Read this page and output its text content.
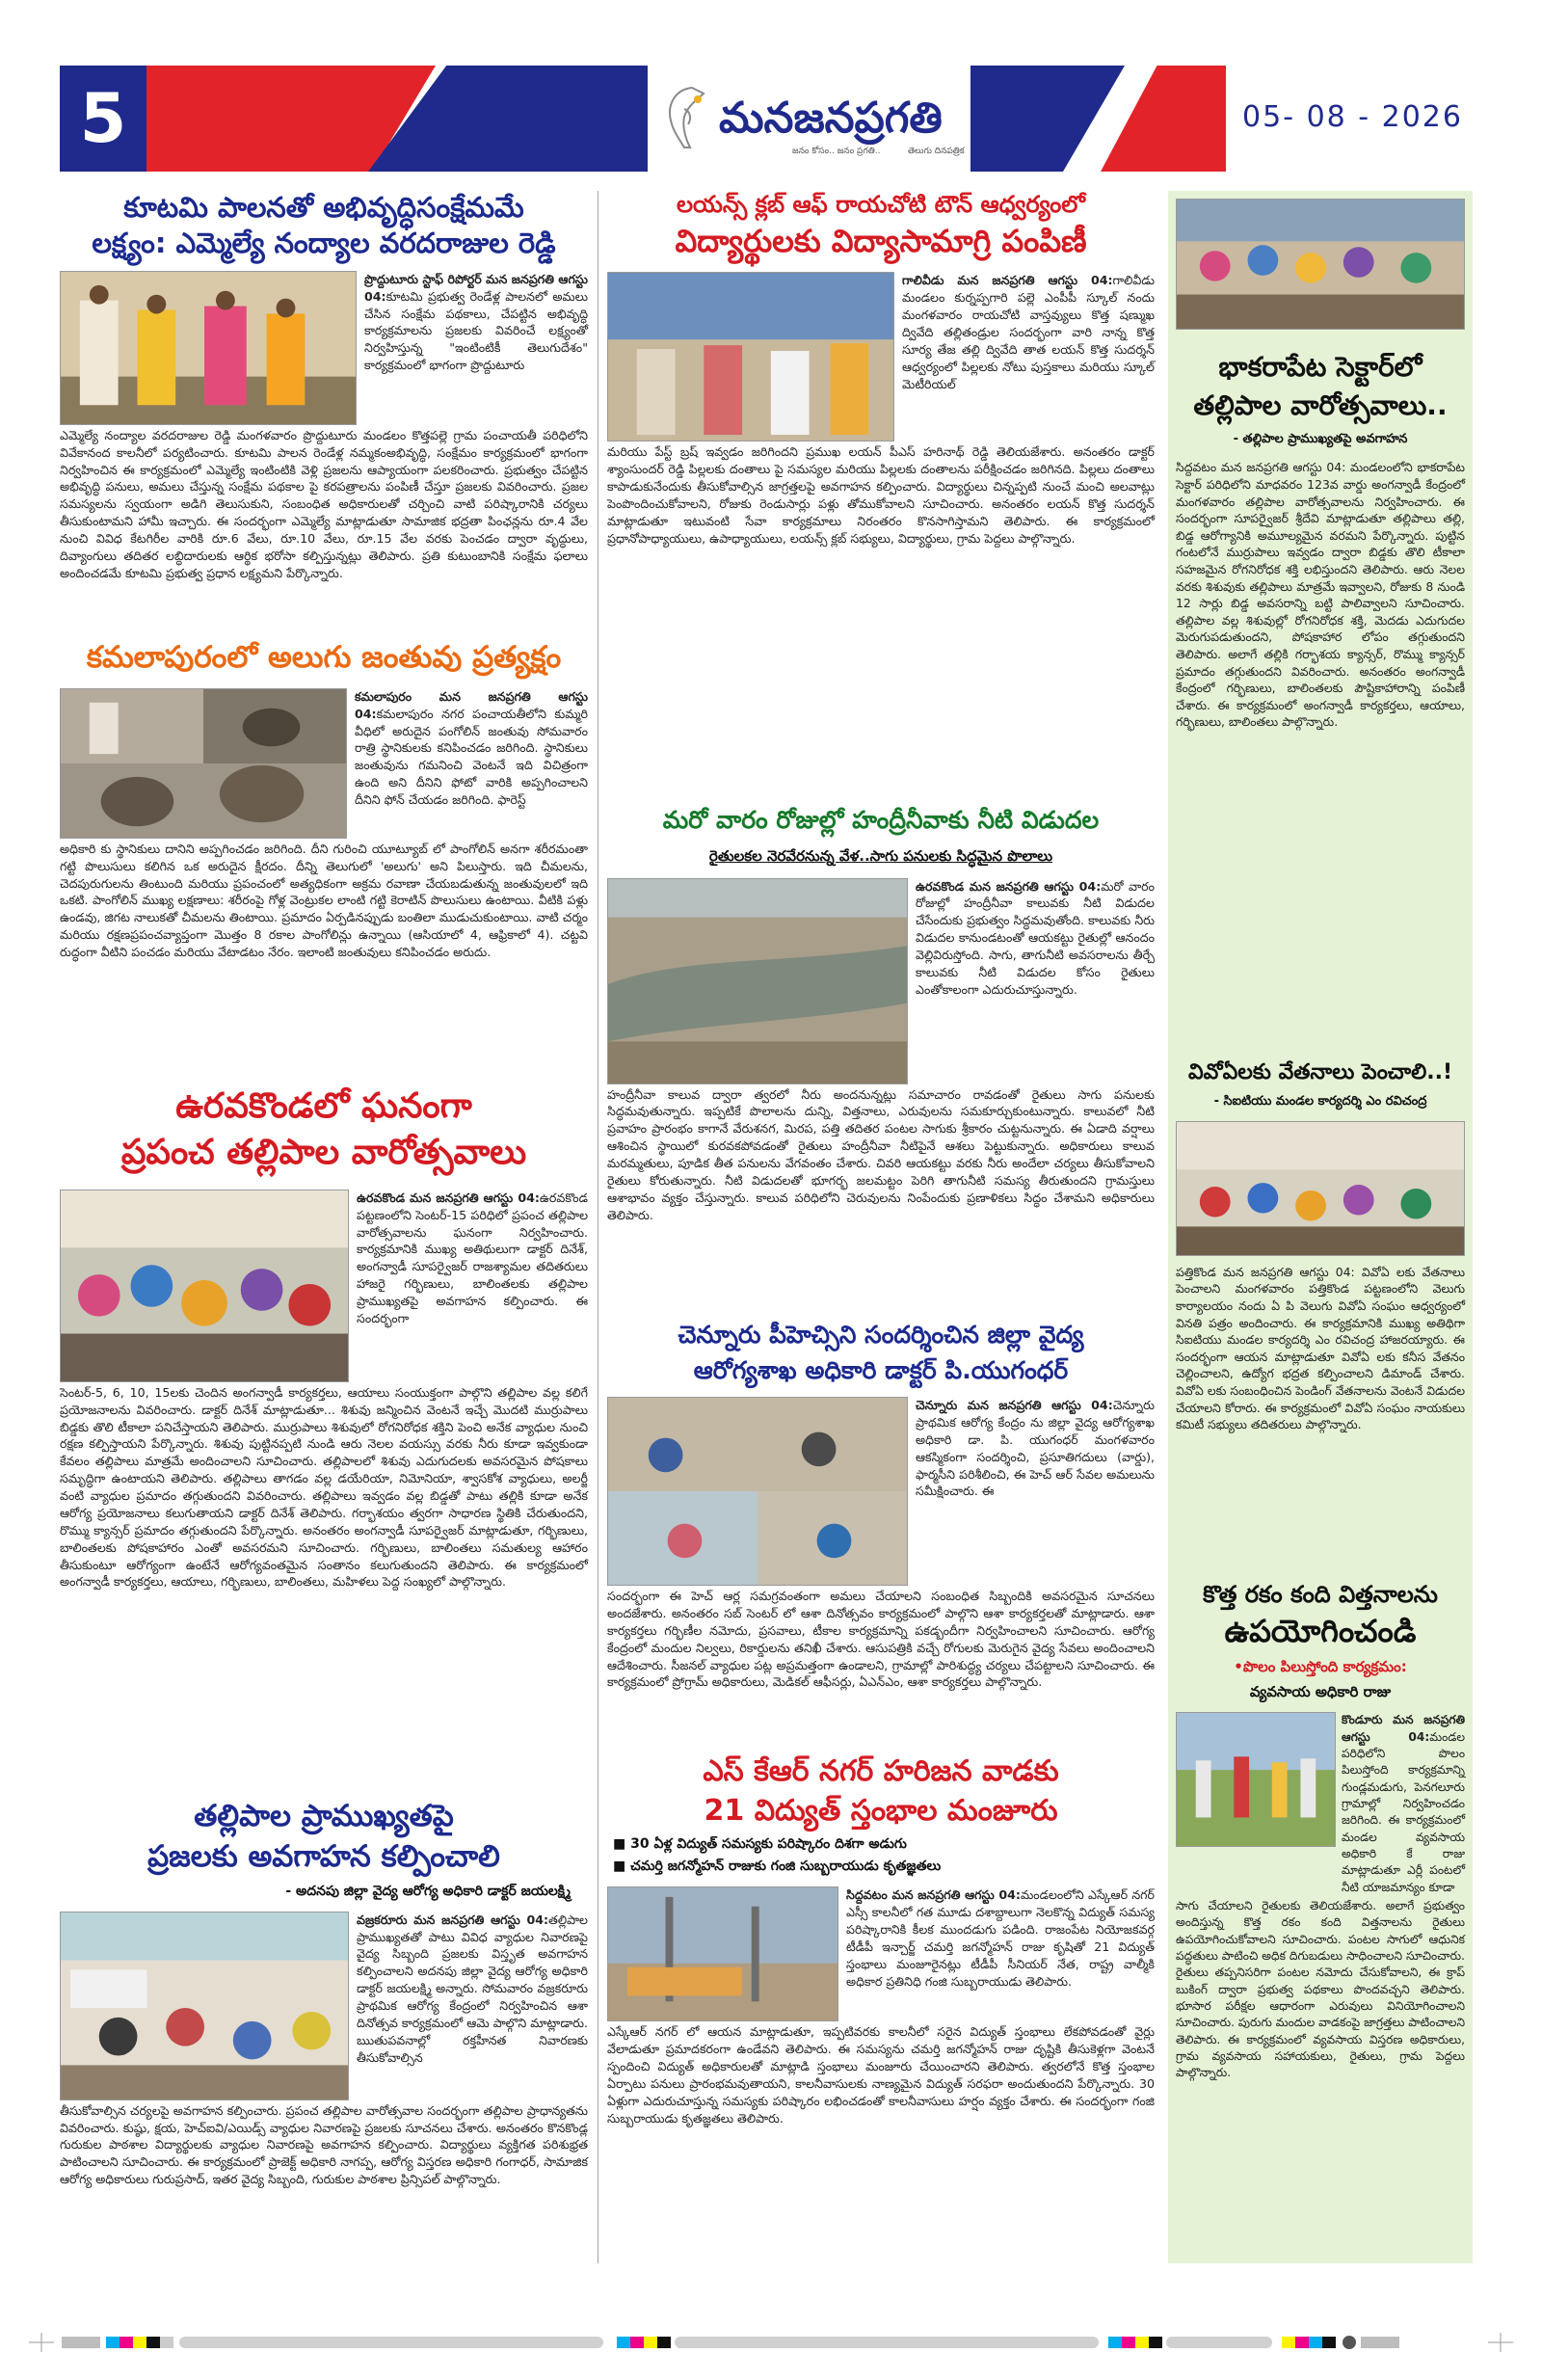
5	మనజనప్రగతి
జనం కోసం.. జనం ప్రగతి..	తెలుగు దినపత్రిక
05- 08 - 2026
కూటమి పాలనతో అభివృద్ధిసంక్షేమమే
లక్ష్యం: ఎమ్మెల్యే నంద్యాల వరదరాజుల రెడ్డి
ప్రొద్దుటూరు స్టాఫ్ రిపోర్టర్ మన జనప్రగతి ఆగస్టు 04:కూటమి ప్రభుత్వ రెండేళ్ల పాలనలో అమలు చేసిన సంక్షేమ పథకాలు, చేపట్టిన అభివృద్ధి కార్యక్రమాలను ప్రజలకు వివరించే లక్ష్యంతో నిర్వహిస్తున్న "ఇంటింటికీ తెలుగుదేశం" కార్యక్రమంలో భాగంగా ప్రొద్దుటూరు
ఎమ్మెల్యే నంద్యాల వరదరాజుల రెడ్డి మంగళవారం ప్రొద్దుటూరు మండలం కొత్తపల్లె గ్రామ పంచాయతీ పరిధిలోని వివేకానంద కాలనీలో పర్యటించారు. కూటమి పాలన రెండేళ్ల నమ్మకంఅభివృద్ధి, సంక్షేమం కార్యక్రమంలో భాగంగా నిర్వహించిన ఈ కార్యక్రమంలో ఎమ్మెల్యే ఇంటింటికి వెళ్లి ప్రజలను ఆప్యాయంగా పలకరించారు. ప్రభుత్వం చేపట్టిన అభివృద్ధి పనులు, అమలు చేస్తున్న సంక్షేమ పథకాల పై కరపత్రాలను పంపిణీ చేస్తూ ప్రజలకు వివరించారు. ప్రజల సమస్యలను స్వయంగా అడిగి తెలుసుకుని, సంబంధిత అధికారులతో చర్చించి వాటి పరిష్కారానికి చర్యలు తీసుకుంటామని హామీ ఇచ్చారు. ఈ సందర్భంగా ఎమ్మెల్యే మాట్లాడుతూ సామాజిక భద్రతా పింఛన్లను రూ.4 వేల నుంచి వివిధ కేటగిరీల వారికి రూ.6 వేలు, రూ.10 వేలు, రూ.15 వేల వరకు పెంచడం ద్వారా వృద్ధులు, దివ్యాంగులు తదితర లబ్ధిదారులకు ఆర్థిక భరోసా కల్పిస్తున్నట్లు తెలిపారు. ప్రతి కుటుంబానికి సంక్షేమ ఫలాలు అందించడమే కూటమి ప్రభుత్వ ప్రధాన లక్ష్యమని పేర్కొన్నారు.
కమలాపురంలో అలుగు జంతువు ప్రత్యక్షం
కమలాపురం మన జనప్రగతి ఆగస్టు 04:కమలాపురం నగర పంచాయతీలోని కుమ్మరి వీధిలో అరుదైన పంగోలిన్ జంతువు సోమవారం రాత్రి స్థానికులకు కనిపించడం జరిగింది. స్థానికులు జంతువును గమనించి వెంటనే ఇది విచిత్రంగా ఉంది అని దీనిని ఫోటో వారికి అప్పగించాలని దీనిని ఫోన్ చేయడం జరిగింది. ఫారెస్ట్
అధికారి కు స్థానికులు దానిని అప్పగించడం జరిగింది. దీని గురించి యూట్యూబ్ లో పాంగోలిన్ అనగా శరీరమంతా గట్టి పొలుసులు కలిగిన ఒక అరుదైన క్షీరదం. దీన్ని తెలుగులో 'అలుగు' అని పిలుస్తారు. ఇది చీమలను, చెదపురుగులను తింటుంది మరియు ప్రపంచంలో అత్యధికంగా అక్రమ రవాణా చేయబడుతున్న జంతువులలో ఇది ఒకటి. పాంగోలిన్ ముఖ్య లక్షణాలు: శరీరంపై గోళ్ల వెంట్రుకల లాంటి గట్టి కెరాటిన్ పొలుసులు ఉంటాయి. వీటికి పళ్లు ఉండవు, జిగట నాలుకతో చీమలను తింటాయి. ప్రమాదం ఏర్పడినప్పుడు బంతిలా ముడుచుకుంటాయి. వాటి చర్మం మరియు రక్షణప్రపంచవ్యాప్తంగా మొత్తం 8 రకాల పాంగోలిన్లు ఉన్నాయి (ఆసియాలో 4, ఆఫ్రికాలో 4). చట్టవి రుద్ధంగా వీటిని పంచడం మరియు వేటాడటం నేరం. ఇలాంటి జంతువులు కనిపించడం అరుదు.
ఉరవకొండలో ఘనంగా
ప్రపంచ తల్లిపాల వారోత్సవాలు
ఉరవకొండ మన జనప్రగతి ఆగస్టు 04:ఉరవకొండ పట్టణంలోని సెంటర్-15 పరిధిలో ప్రపంచ తల్లిపాల వారోత్సవాలను ఘనంగా నిర్వహించారు. కార్యక్రమానికి ముఖ్య అతిథులుగా డాక్టర్ దినేశ్, అంగన్వాడీ సూపర్వైజర్ రాజశ్యామల తదితరులు హాజరై గర్భిణులు, బాలింతలకు తల్లిపాల ప్రాముఖ్యతపై అవగాహన కల్పించారు. ఈ సందర్భంగా
సెంటర్-5, 6, 10, 15లకు చెందిన అంగన్వాడీ కార్యకర్తలు, ఆయాలు సంయుక్తంగా పాల్గొని తల్లిపాల వల్ల కలిగే ప్రయోజనాలను వివరించారు. డాక్టర్ దినేశ్ మాట్లాడుతూ... శిశువు జన్మించిన వెంటనే ఇచ్చే మొదటి ముర్రుపాలు బిడ్డకు తొలి టీకాలా పనిచేస్తాయని తెలిపారు. ముర్రుపాలు శిశువులో రోగనిరోధక శక్తిని పెంచి అనేక వ్యాధుల నుంచి రక్షణ కల్పిస్తాయని పేర్కొన్నారు. శిశువు పుట్టినప్పటి నుండి ఆరు నెలల వయస్సు వరకు నీరు కూడా ఇవ్వకుండా కేవలం తల్లిపాలు మాత్రమే అందించాలని సూచించారు. తల్లిపాలలో శిశువు ఎదుగుదలకు అవసరమైన పోషకాలు సమృద్ధిగా ఉంటాయని తెలిపారు. తల్లిపాలు తాగడం వల్ల డయేరియా, నిమోనియా, శ్వాసకోశ వ్యాధులు, అలర్జీ వంటి వ్యాధుల ప్రమాదం తగ్గుతుందని వివరించారు. తల్లిపాలు ఇవ్వడం వల్ల బిడ్డతో పాటు తల్లికి కూడా అనేక ఆరోగ్య ప్రయోజనాలు కలుగుతాయని డాక్టర్ దినేశ్ తెలిపారు. గర్భాశయం త్వరగా సాధారణ స్థితికి చేరుతుందని, రొమ్ము క్యాన్సర్ ప్రమాదం తగ్గుతుందని పేర్కొన్నారు. అనంతరం అంగన్వాడీ సూపర్వైజర్ మాట్లాడుతూ, గర్భిణులు, బాలింతలకు పోషకాహారం ఎంతో అవసరమని సూచించారు. గర్భిణులు, బాలింతలు సమతుల్య ఆహారం తీసుకుంటూ ఆరోగ్యంగా ఉంటేనే ఆరోగ్యవంతమైన సంతానం కలుగుతుందని తెలిపారు. ఈ కార్యక్రమంలో అంగన్వాడీ కార్యకర్తలు, ఆయాలు, గర్భిణులు, బాలింతలు, మహిళలు పెద్ద సంఖ్యలో పాల్గొన్నారు.
తల్లిపాల ప్రాముఖ్యతపై
ప్రజలకు అవగాహన కల్పించాలి
- అదనపు జిల్లా వైద్య ఆరోగ్య అధికారి డాక్టర్ జయలక్ష్మి
వజ్రకరూరు మన జనప్రగతి ఆగస్టు 04:తల్లిపాల ప్రాముఖ్యతతో పాటు వివిధ వ్యాధుల నివారణపై వైద్య సిబ్బంది ప్రజలకు విస్తృత అవగాహన కల్పించాలని అదనపు జిల్లా వైద్య ఆరోగ్య అధికారి డాక్టర్ జయలక్ష్మి అన్నారు. సోమవారం వజ్రకరూరు ప్రాథమిక ఆరోగ్య కేంద్రంలో నిర్వహించిన ఆశా దినోత్సవ కార్యక్రమంలో ఆమె పాల్గొని మాట్లాడారు. ఋతుపవనాల్లో రక్తహీనత నివారణకు తీసుకోవాల్సిన
తీసుకోవాల్సిన చర్యలపై అవగాహన కల్పించారు. ప్రపంచ తల్లిపాల వారోత్సవాల సందర్భంగా తల్లిపాల ప్రాధాన్యతను వివరించారు. కుష్ఠు, క్షయ, హెచ్ఐవి/ఎయిడ్స్ వ్యాధుల నివారణపై ప్రజలకు సూచనలు చేశారు. అనంతరం కొనకొండ్ల గురుకుల పాఠశాల విద్యార్థులకు వ్యాధుల నివారణపై అవగాహన కల్పించారు. విద్యార్థులు వ్యక్తిగత పరిశుభ్రత పాటించాలని సూచించారు. ఈ కార్యక్రమంలో ప్రాజెక్ట్ అధికారి నాగప్ప, ఆరోగ్య విస్తరణ అధికారి గంగాధర్, సామాజిక ఆరోగ్య అధికారులు గురుప్రసాద్, ఇతర వైద్య సిబ్బంది, గురుకుల పాఠశాల ప్రిన్సిపల్ పాల్గొన్నారు.
లయన్స్ క్లబ్ ఆఫ్ రాయచోటి టౌన్ ఆధ్వర్యంలో
విద్యార్థులకు విద్యాసామాగ్రి పంపిణీ
గాలివీడు మన జనప్రగతి ఆగస్టు 04:గాలివీడు మండలం కుర్నప్పగారి పల్లె ఎంపీపీ స్కూల్ నందు మంగళవారం రాయచోటి వాస్తవ్యులు కొత్త షణ్ముఖ ద్వివేది తల్లితండ్రుల సందర్భంగా వారి నాన్న కొత్త సూర్య తేజ తల్లి ద్వివేది తాత లయన్ కొత్త సుదర్శన్ ఆధ్వర్యంలో పిల్లలకు నోటు పుస్తకాలు మరియు స్కూల్ మెటీరియల్
మరియు పేస్ట్ బ్రష్ ఇవ్వడం జరిగిందని ప్రముఖ లయన్ పీఎస్ హరినాథ్ రెడ్డి తెలియజేశారు. అనంతరం డాక్టర్ శ్యాంసుందర్ రెడ్డి పిల్లలకు దంతాలు పై సమస్యల మరియు పిల్లలకు దంతాలను పరీక్షించడం జరిగినది. పిల్లలు దంతాలు కాపాడుకునేందుకు తీసుకోవాల్సిన జాగ్రత్తలపై అవగాహన కల్పించారు. విద్యార్థులు చిన్నప్పటి నుంచే మంచి అలవాట్లు పెంపొందించుకోవాలని, రోజుకు రెండుసార్లు పళ్లు తోముకోవాలని సూచించారు. అనంతరం లయన్ కొత్త సుదర్శన్ మాట్లాడుతూ ఇటువంటి సేవా కార్యక్రమాలు నిరంతరం కొనసాగిస్తామని తెలిపారు. ఈ కార్యక్రమంలో ప్రధానోపాధ్యాయులు, ఉపాధ్యాయులు, లయన్స్ క్లబ్ సభ్యులు, విద్యార్థులు, గ్రామ పెద్దలు పాల్గొన్నారు.
మరో వారం రోజుల్లో హంద్రీనీవాకు నీటి విడుదల
రైతులకల నెరవేరనున్న వేళ..సాగు పనులకు సిద్ధమైన పొలాలు
ఉరవకొండ మన జనప్రగతి ఆగస్టు 04:మరో వారం రోజుల్లో హంద్రీనీవా కాలువకు నీటి విడుదల చేసేందుకు ప్రభుత్వం సిద్ధమవుతోంది. కాలువకు నీరు విడుదల కానుండటంతో ఆయకట్టు రైతుల్లో ఆనందం వెల్లివిరుస్తోంది. సాగు, తాగునీటి అవసరాలను తీర్చే కాలువకు నీటి విడుదల కోసం రైతులు ఎంతోకాలంగా ఎదురుచూస్తున్నారు.
హంద్రీనీవా కాలువ ద్వారా త్వరలో నీరు అందనున్నట్లు సమాచారం రావడంతో రైతులు సాగు పనులకు సిద్ధమవుతున్నారు. ఇప్పటికే పొలాలను దున్ని, విత్తనాలు, ఎరువులను సమకూర్చుకుంటున్నారు. కాలువలో నీటి ప్రవాహం ప్రారంభం కాగానే వేరుశనగ, మిరప, పత్తి తదితర పంటల సాగుకు శ్రీకారం చుట్టనున్నారు. ఈ ఏడాది వర్షాలు ఆశించిన స్థాయిలో కురవకపోవడంతో రైతులు హంద్రీనీవా నీటిపైనే ఆశలు పెట్టుకున్నారు. అధికారులు కాలువ మరమ్మతులు, పూడిక తీత పనులను వేగవంతం చేశారు. చివరి ఆయకట్టు వరకు నీరు అందేలా చర్యలు తీసుకోవాలని రైతులు కోరుతున్నారు. నీటి విడుదలతో భూగర్భ జలమట్టం పెరిగి తాగునీటి సమస్య తీరుతుందని గ్రామస్తులు ఆశాభావం వ్యక్తం చేస్తున్నారు. కాలువ పరిధిలోని చెరువులను నింపేందుకు ప్రణాళికలు సిద్ధం చేశామని అధికారులు తెలిపారు.
చెన్నూరు పీహెచ్సిని సందర్శించిన జిల్లా వైద్య
ఆరోగ్యశాఖ అధికారి డాక్టర్ పి.యుగంధర్
చెన్నూరు మన జనప్రగతి ఆగస్టు 04:చెన్నూరు ప్రాథమిక ఆరోగ్య కేంద్రం ను జిల్లా వైద్య ఆరోగ్యశాఖ అధికారి డా. పి. యుగంధర్ మంగళవారం ఆకస్మికంగా సందర్శించి, ప్రసూతిగదులు (వార్డు), ఫార్మసీని పరిశీలించి, ఈ హెచ్ ఆర్ సేవల అమలును సమీక్షించారు. ఈ
సందర్భంగా ఈ హెచ్ ఆర్ల సమగ్రవంతంగా అమలు చేయాలని సంబంధిత సిబ్బందికి అవసరమైన సూచనలు అందజేశారు. అనంతరం సబ్ సెంటర్ లో ఆశా దినోత్సవం కార్యక్రమంలో పాల్గొని ఆశా కార్యకర్తలతో మాట్లాడారు. ఆశా కార్యకర్తలు గర్భిణీల నమోదు, ప్రసవాలు, టీకాల కార్యక్రమాన్ని పకడ్బందీగా నిర్వహించాలని సూచించారు. ఆరోగ్య కేంద్రంలో మందుల నిల్వలు, రికార్డులను తనిఖీ చేశారు. ఆసుపత్రికి వచ్చే రోగులకు మెరుగైన వైద్య సేవలు అందించాలని ఆదేశించారు. సీజనల్ వ్యాధుల పట్ల అప్రమత్తంగా ఉండాలని, గ్రామాల్లో పారిశుద్ధ్య చర్యలు చేపట్టాలని సూచించారు. ఈ కార్యక్రమంలో ప్రోగ్రామ్ అధికారులు, మెడికల్ ఆఫీసర్లు, ఏఎన్ఎం, ఆశా కార్యకర్తలు పాల్గొన్నారు.
ఎస్ కేఆర్ నగర్ హరిజన వాడకు
21 విద్యుత్ స్తంభాల మంజూరు
■ 30 ఏళ్ల విద్యుత్ సమస్యకు పరిష్కారం దిశగా అడుగు
■ చమర్తి జగన్మోహన్ రాజుకు గంజి సుబ్బరాయుడు కృతజ్ఞతలు
సిద్దవటం మన జనప్రగతి ఆగస్టు 04:మండలంలోని ఎస్కేఆర్ నగర్ ఎస్సీ కాలనీలో గత మూడు దశాబ్దాలుగా నెలకొన్న విద్యుత్ సమస్య పరిష్కారానికి కీలక ముందడుగు పడింది. రాజంపేట నియోజకవర్గ టీడీపీ ఇన్చార్జ్ చమర్తి జగన్మోహన్ రాజు కృషితో 21 విద్యుత్ స్తంభాలు మంజూరైనట్లు టీడీపీ సీనియర్ నేత, రాష్ట్ర వాల్మీకి అధికార ప్రతినిధి గంజి సుబ్బరాయుడు తెలిపారు.
ఎస్కేఆర్ నగర్ లో ఆయన మాట్లాడుతూ, ఇప్పటివరకు కాలనీలో సరైన విద్యుత్ స్తంభాలు లేకపోవడంతో వైర్లు వేలాడుతూ ప్రమాదకరంగా ఉండేవని తెలిపారు. ఈ సమస్యను చమర్తి జగన్మోహన్ రాజు దృష్టికి తీసుకెళ్లగా వెంటనే స్పందించి విద్యుత్ అధికారులతో మాట్లాడి స్తంభాలు మంజూరు చేయించారని తెలిపారు. త్వరలోనే కొత్త స్తంభాల ఏర్పాటు పనులు ప్రారంభమవుతాయని, కాలనీవాసులకు నాణ్యమైన విద్యుత్ సరఫరా అందుతుందని పేర్కొన్నారు. 30 ఏళ్లుగా ఎదురుచూస్తున్న సమస్యకు పరిష్కారం లభించడంతో కాలనీవాసులు హర్షం వ్యక్తం చేశారు. ఈ సందర్భంగా గంజి సుబ్బరాయుడు కృతజ్ఞతలు తెలిపారు.
భాకరాపేట సెక్టార్‌లో
తల్లిపాల వారోత్సవాలు..
- తల్లిపాల ప్రాముఖ్యతపై అవగాహన
సిద్దవటం మన జనప్రగతి ఆగస్టు 04: మండలంలోని భాకరాపేట సెక్టార్ పరిధిలోని మాధవరం 123వ వార్డు అంగన్వాడీ కేంద్రంలో మంగళవారం తల్లిపాల వారోత్సవాలను నిర్వహించారు. ఈ సందర్భంగా సూపర్వైజర్ శ్రీదేవి మాట్లాడుతూ తల్లిపాలు తల్లి, బిడ్డ ఆరోగ్యానికి అమూల్యమైన వరమని పేర్కొన్నారు. పుట్టిన గంటలోనే ముర్రుపాలు ఇవ్వడం ద్వారా బిడ్డకు తొలి టీకాలా సహజమైన రోగనిరోధక శక్తి లభిస్తుందని తెలిపారు. ఆరు నెలల వరకు శిశువుకు తల్లిపాలు మాత్రమే ఇవ్వాలని, రోజుకు 8 నుండి 12 సార్లు బిడ్డ అవసరాన్ని బట్టి పాలివ్వాలని సూచించారు. తల్లిపాల వల్ల శిశువుల్లో రోగనిరోధక శక్తి, మెదడు ఎదుగుదల మెరుగుపడుతుందని, పోషకాహార లోపం తగ్గుతుందని తెలిపారు. అలాగే తల్లికి గర్భాశయ క్యాన్సర్, రొమ్ము క్యాన్సర్ ప్రమాదం తగ్గుతుందని వివరించారు. అనంతరం అంగన్వాడీ కేంద్రంలో గర్భిణులు, బాలింతలకు పౌష్టికాహారాన్ని పంపిణీ చేశారు. ఈ కార్యక్రమంలో అంగన్వాడీ కార్యకర్తలు, ఆయాలు, గర్భిణులు, బాలింతలు పాల్గొన్నారు.
వివోఏలకు వేతనాలు పెంచాలి..!
- సిఐటియు మండల కార్యదర్శి ఎం రవిచంద్ర
పత్తికొండ మన జనప్రగతి ఆగస్టు 04: వివోఏ లకు వేతనాలు పెంచాలని మంగళవారం పత్తికొండ పట్టణంలోని వెలుగు కార్యాలయం నందు ఏ పి వెలుగు వివోఏ సంఘం ఆధ్వర్యంలో వినతి పత్రం అందించారు. ఈ కార్యక్రమానికి ముఖ్య అతిథిగా సిఐటియు మండల కార్యదర్శి ఎం రవిచంద్ర హాజరయ్యారు. ఈ సందర్భంగా ఆయన మాట్లాడుతూ వివోఏ లకు కనీస వేతనం చెల్లించాలని, ఉద్యోగ భద్రత కల్పించాలని డిమాండ్ చేశారు. వివోఏ లకు సంబంధించిన పెండింగ్ వేతనాలను వెంటనే విడుదల చేయాలని కోరారు. ఈ కార్యక్రమంలో వివోఏ సంఘం నాయకులు కమిటీ సభ్యులు తదితరులు పాల్గొన్నారు.
కొత్త రకం కంది విత్తనాలను
ఉపయోగించండి
•పొలం పిలుస్తోంది కార్యక్రమం:
వ్యవసాయ అధికారి రాజు
కొండూరు మన జనప్రగతి ఆగస్టు 04:మండల పరిధిలోని పొలం పిలుస్తోంది కార్యక్రమాన్ని గుండ్లమడుగు, పెనగలూరు గ్రామాల్లో నిర్వహించడం జరిగింది. ఈ కార్యక్రమంలో మండల వ్యవసాయ అధికారి కే రాజు మాట్లాడుతూ ఎర్లీ పంటలో నీటి యాజమాన్యం కూడా
సాగు చేయాలని రైతులకు తెలియజేశారు. అలాగే ప్రభుత్వం అందిస్తున్న కొత్త రకం కంది విత్తనాలను రైతులు ఉపయోగించుకోవాలని సూచించారు. పంటల సాగులో ఆధునిక పద్ధతులు పాటించి అధిక దిగుబడులు సాధించాలని సూచించారు. రైతులు తప్పనిసరిగా పంటల నమోదు చేసుకోవాలని, ఈ క్రాప్ బుకింగ్ ద్వారా ప్రభుత్వ పథకాలు పొందవచ్చని తెలిపారు. భూసార పరీక్షల ఆధారంగా ఎరువులు వినియోగించాలని సూచించారు. పురుగు మందుల వాడకంపై జాగ్రత్తలు పాటించాలని తెలిపారు. ఈ కార్యక్రమంలో వ్యవసాయ విస్తరణ అధికారులు, గ్రామ వ్యవసాయ సహాయకులు, రైతులు, గ్రామ పెద్దలు పాల్గొన్నారు.
